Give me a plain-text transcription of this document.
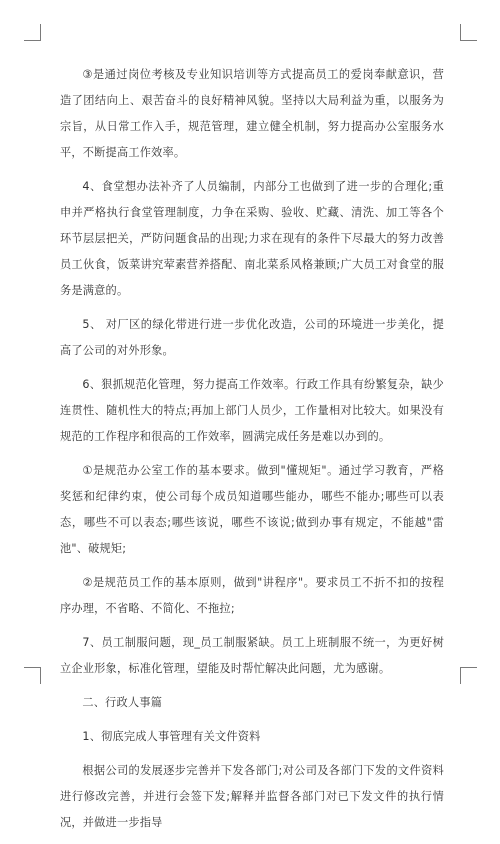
③是通过岗位考核及专业知识培训等方式提高员工的爱岗奉献意识，营造了团结向上、艰苦奋斗的良好精神风貌。坚持以大局利益为重，以服务为宗旨，从日常工作入手，规范管理，建立健全机制，努力提高办公室服务水平，不断提高工作效率。

4、食堂想办法补齐了人员编制，内部分工也做到了进一步的合理化;重申并严格执行食堂管理制度，力争在采购、验收、贮藏、清洗、加工等各个环节层层把关，严防问题食品的出现;力求在现有的条件下尽最大的努力改善员工伙食，饭菜讲究荤素营养搭配、南北菜系风格兼顾;广大员工对食堂的服务是满意的。

5、 对厂区的绿化带进行进一步优化改造，公司的环境进一步美化，提高了公司的对外形象。

6、狠抓规范化管理，努力提高工作效率。行政工作具有纷繁复杂，缺少连贯性、随机性大的特点;再加上部门人员少，工作量相对比较大。如果没有规范的工作程序和很高的工作效率，圆满完成任务是难以办到的。

①是规范办公室工作的基本要求。做到"懂规矩"。通过学习教育，严格奖惩和纪律约束，使公司每个成员知道哪些能办，哪些不能办;哪些可以表态，哪些不可以表态;哪些该说，哪些不该说;做到办事有规定，不能越"雷池"、破规矩;

②是规范员工作的基本原则，做到"讲程序"。要求员工不折不扣的按程序办理，不省略、不简化、不拖拉;

7、员工制服问题，现_员工制服紧缺。员工上班制服不统一，为更好树立企业形象，标准化管理，望能及时帮忙解决此问题，尤为感谢。

二、行政人事篇

1、彻底完成人事管理有关文件资料

根据公司的发展逐步完善并下发各部门;对公司及各部门下发的文件资料进行修改完善，并进行会签下发;解释并监督各部门对已下发文件的执行情况，并做进一步指导
